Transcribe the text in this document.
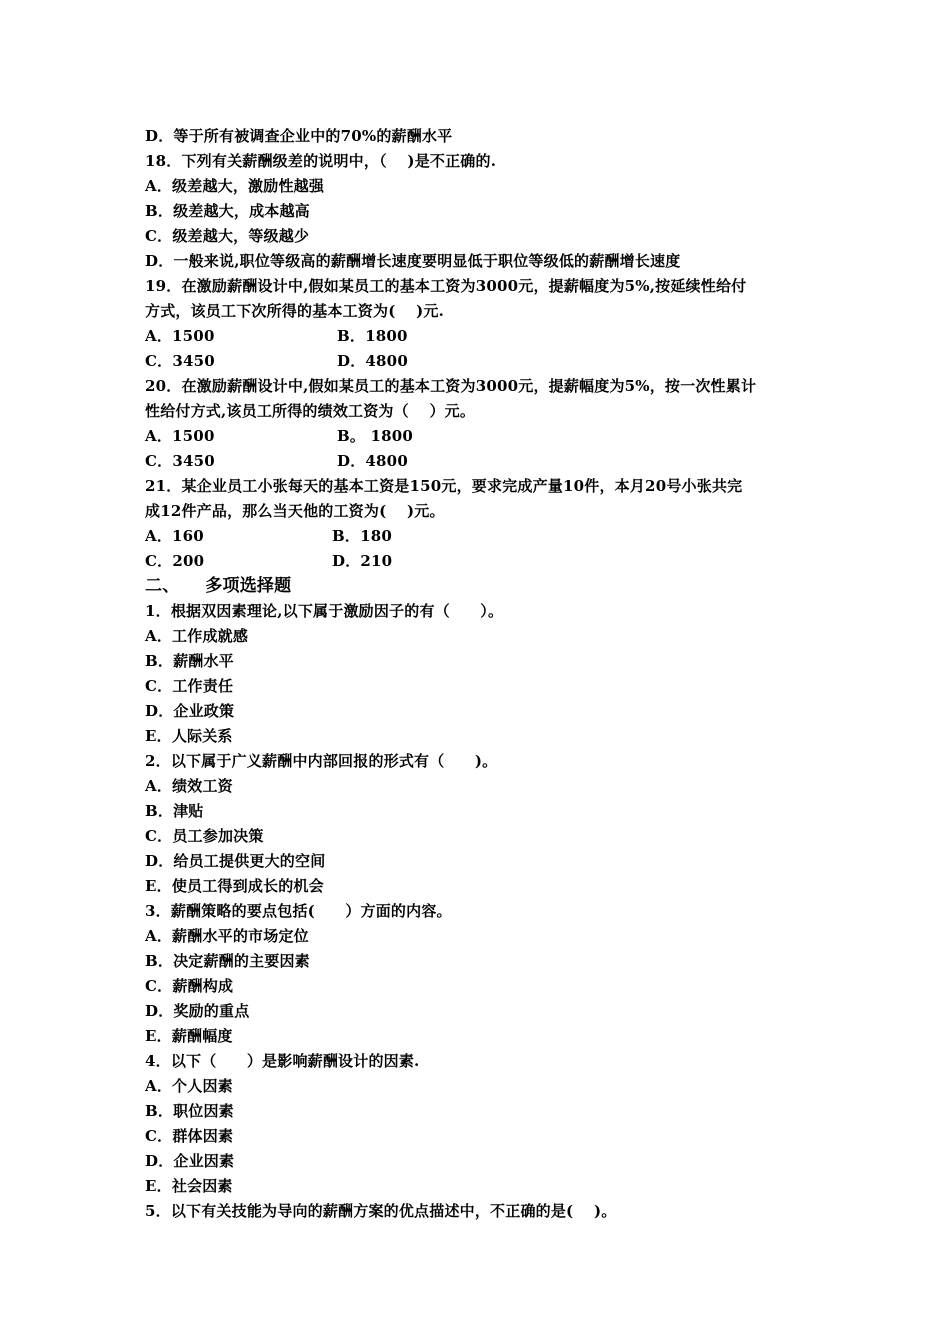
D．等于所有被调查企业中的70%的薪酬水平
18．下列有关薪酬级差的说明中，（　 )是不正确的.
A．级差越大，激励性越强
B．级差越大，成本越高
C．级差越大，等级越少
D．一般来说,职位等级高的薪酬增长速度要明显低于职位等级低的薪酬增长速度
19．在激励薪酬设计中,假如某员工的基本工资为3000元，提薪幅度为5%,按延续性给付
方式，该员工下次所得的基本工资为(　 )元.
A．1500	B．1800
C．3450	D．4800
20．在激励薪酬设计中,假如某员工的基本工资为3000元，提薪幅度为5%，按一次性累计
性给付方式,该员工所得的绩效工资为（　 ）元。
A．1500	B。 1800
C．3450	D．4800
21．某企业员工小张每天的基本工资是150元，要求完成产量10件，本月20号小张共完
成12件产品，那么当天他的工资为(　 )元。
A．160	B．180
C．200	D．210
二、　　多项选择题
1．根据双因素理论,以下属于激励因子的有（　　）。
A．工作成就感
B．薪酬水平
C．工作责任
D．企业政策
E．人际关系
2．以下属于广义薪酬中内部回报的形式有（　　)。
A．绩效工资
B．津贴
C．员工参加决策
D．给员工提供更大的空间
E．使员工得到成长的机会
3．薪酬策略的要点包括(　　）方面的内容。
A．薪酬水平的市场定位
B．决定薪酬的主要因素
C．薪酬构成
D．奖励的重点
E．薪酬幅度
4．以下（　　）是影响薪酬设计的因素.
A．个人因素
B．职位因素
C．群体因素
D．企业因素
E．社会因素
5．以下有关技能为导向的薪酬方案的优点描述中，不正确的是(　 )。
